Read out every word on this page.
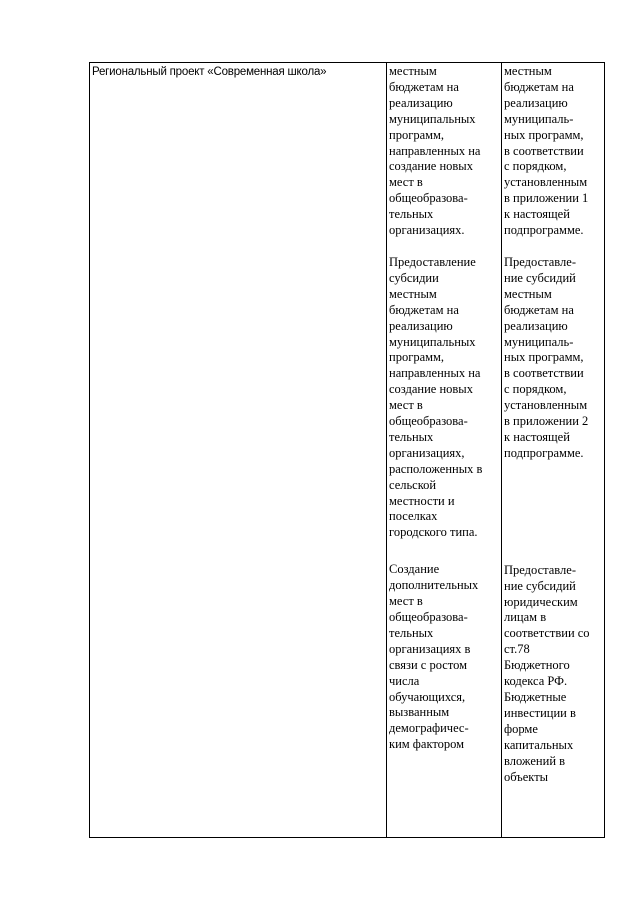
Региональный проект «Современная школа»	местным
бюджетам на
реализацию
муниципальных
программ,
направленных на
создание новых
мест в
общеобразова-
тельных
организациях.
Предоставление
субсидии
местным
бюджетам на
реализацию
муниципальных
программ,
направленных на
создание новых
мест в
общеобразова-
тельных
организациях,
расположенных в
сельской
местности и
поселках
городского типа.
Создание
дополнительных
мест в
общеобразова-
тельных
организациях в
связи с ростом
числа
обучающихся,
вызванным
демографичес-
ким фактором
местным
бюджетам на
реализацию
муниципаль-
ных программ,
в соответствии
с порядком,
установленным
в приложении 1
к настоящей
подпрограмме.
Предоставле-
ние субсидий
местным
бюджетам на
реализацию
муниципаль-
ных программ,
в соответствии
с порядком,
установленным
в приложении 2
к настоящей
подпрограмме.
Предоставле-
ние субсидий
юридическим
лицам в
соответствии со
ст.78
Бюджетного
кодекса РФ.
Бюджетные
инвестиции в
форме
капитальных
вложений в
объекты
